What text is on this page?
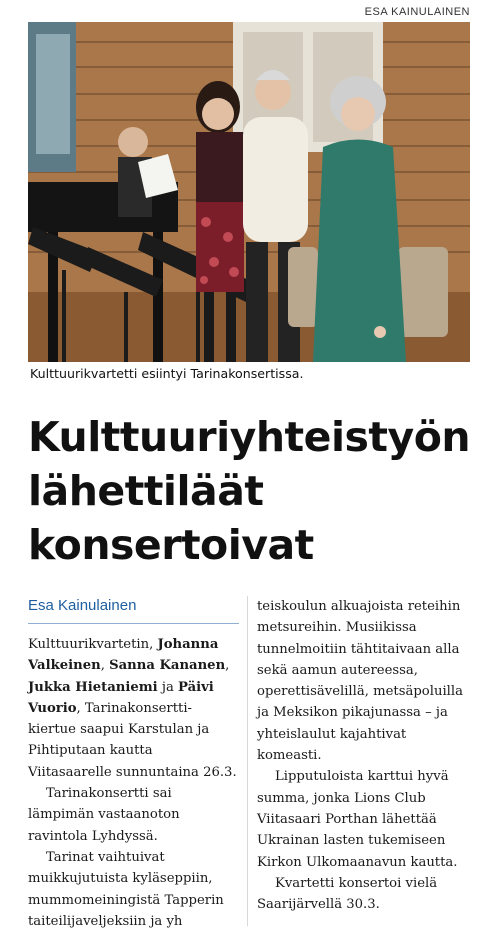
ESA KAINULAINEN
Kulttuurikvartetti esiintyi Tarinakonsertissa.
Kulttuuriyhteistyön
lähettiläät
konsertoivat
Esa Kainulainen

Kulttuurikvartetin, Johanna Valkeinen, Sanna Kananen, Jukka Hietaniemi ja Päivi Vuorio, Tarinakonsertti-kiertue saapui Karstulan ja Pihtiputaan kautta Viitasaarelle sunnuntaina 26.3.

Tarinakonsertti sai lämpimän vastaanoton ravintola Lyhdyssä.

Tarinat vaihtuivat muikkujutuista kyläseppiin, mummomeiningistä Tapperin taiteilijaveljeksiin ja yh

teiskoulun alkuajoista reteihin metsureihin. Musiikissa tunnelmoitiin tähtitaivaan alla sekä aamun autereessa, operettisävelillä, metsäpoluilla ja Meksikon pikajunassa – ja yhteislaulut kajahtivat komeasti.

Lipputuloista karttui hyvä summa, jonka Lions Club Viitasaari Porthan lähettää Ukrainan lasten tukemiseen Kirkon Ulkomaanavun kautta.

Kvartetti konsertoi vielä Saarijärvellä 30.3.
